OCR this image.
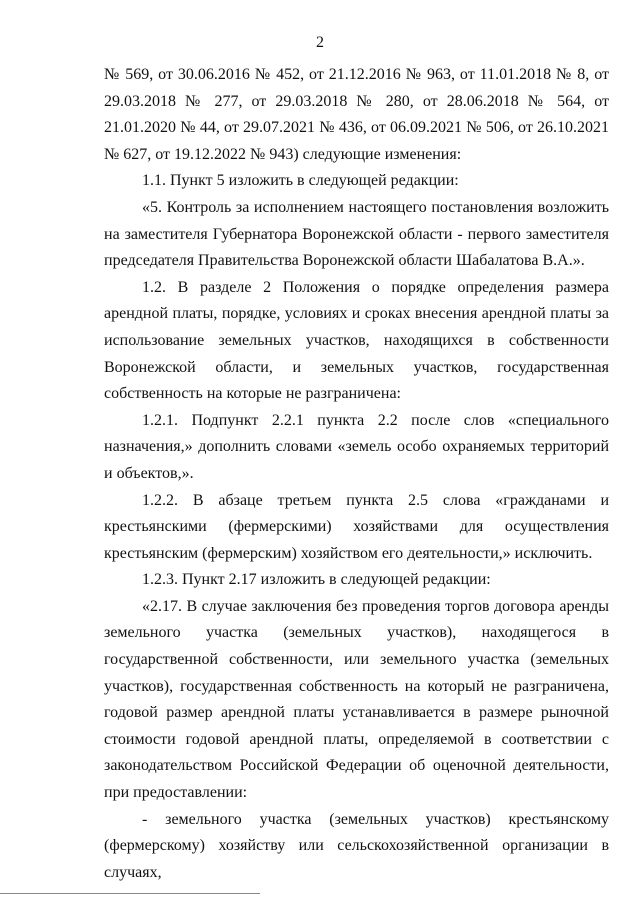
2

№ 569, от 30.06.2016 № 452, от 21.12.2016 № 963, от 11.01.2018 № 8, от 29.03.2018 № 277, от 29.03.2018 № 280, от 28.06.2018 № 564, от 21.01.2020 № 44, от 29.07.2021 № 436, от 06.09.2021 № 506, от 26.10.2021 № 627, от 19.12.2022 № 943) следующие изменения:

1.1. Пункт 5 изложить в следующей редакции:

«5. Контроль за исполнением настоящего постановления возложить на заместителя Губернатора Воронежской области - первого заместителя председателя Правительства Воронежской области Шабалатова В.А.».

1.2. В разделе 2 Положения о порядке определения размера арендной платы, порядке, условиях и сроках внесения арендной платы за использование земельных участков, находящихся в собственности Воронежской области, и земельных участков, государственная собственность на которые не разграничена:

1.2.1. Подпункт 2.2.1 пункта 2.2 после слов «специального назначения,» дополнить словами «земель особо охраняемых территорий и объектов,».

1.2.2. В абзаце третьем пункта 2.5 слова «гражданами и крестьянскими (фермерскими) хозяйствами для осуществления крестьянским (фермерским) хозяйством его деятельности,» исключить.

1.2.3. Пункт 2.17 изложить в следующей редакции:

«2.17. В случае заключения без проведения торгов договора аренды земельного участка (земельных участков), находящегося в государственной собственности, или земельного участка (земельных участков), государственная собственность на который не разграничена, годовой размер арендной платы устанавливается в размере рыночной стоимости годовой арендной платы, определяемой в соответствии с законодательством Российской Федерации об оценочной деятельности, при предоставлении:

- земельного участка (земельных участков) крестьянскому (фермерскому) хозяйству или сельскохозяйственной организации в случаях,
